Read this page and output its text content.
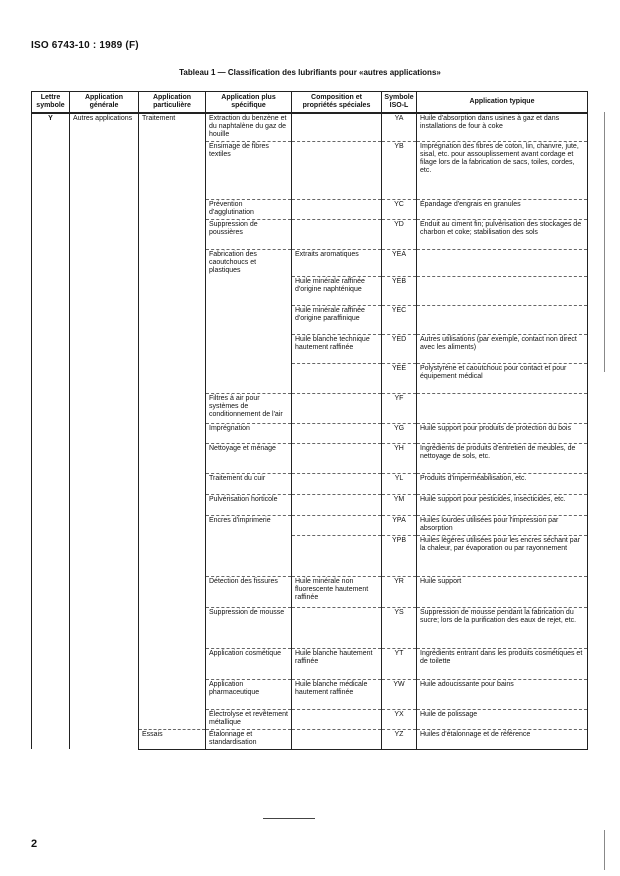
ISO 6743-10 : 1989 (F)
Tableau 1 — Classification des lubrifiants pour «autres applications»
Lettre symbole	Application générale	Application particulière	Application plus spécifique	Composition et propriétés spéciales	Symbole ISO-L	Application typique
Y	Autres applications	Traitement	Extraction du benzène et du naphtalène du gaz de houille		YA	Huile d'absorption dans usines à gaz et dans installations de four à coke
			Ensimage de fibres textiles		YB	Imprégnation des fibres de coton, lin, chanvre, jute, sisal, etc. pour assouplissement avant cordage et filage lors de la fabrication de sacs, toiles, cordes, etc.
			Prévention d'agglutination		YC	Épandage d'engrais en granules
			Suppression de poussières		YD	Enduit au ciment fin; pulvérisation des stockages de charbon et coke; stabilisation des sols
			Fabrication des caoutchoucs et plastiques	Extraits aromatiques	YEA	
				Huile minérale raffinée d'origine naphténique	YEB	
				Huile minérale raffinée d'origine paraffinique	YEC	
				Huile blanche technique hautement raffinée	YED	Autres utilisations (par exemple, contact non direct avec les aliments)
					YEE	Polystyrène et caoutchouc pour contact et pour équipement médical
			Filtres à air pour systèmes de conditionnement de l'air		YF	
			Imprégnation		YG	Huile support pour produits de protection du bois
			Nettoyage et ménage		YH	Ingrédients de produits d'entretien de meubles, de nettoyage de sols, etc.
			Traitement du cuir		YL	Produits d'imperméabilisation, etc.
			Pulvérisation horticole		YM	Huile support pour pesticides, insecticides, etc.
			Encres d'imprimerie		YPA	Huiles lourdes utilisées pour l'impression par absorption
					YPB	Huiles légères utilisées pour les encres séchant par la chaleur, par évaporation ou par rayonnement
			Détection des fissures	Huile minérale non fluorescente hautement raffinée	YR	Huile support
			Suppression de mousse		YS	Suppression de mousse pendant la fabrication du sucre; lors de la purification des eaux de rejet, etc.
			Application cosmétique	Huile blanche hautement raffinée	YT	Ingrédients entrant dans les produits cosmétiques et de toilette
			Application pharmaceutique	Huile blanche médicale hautement raffinée	YW	Huile adoucissante pour bains
			Électrolyse et revêtement métallique		YX	Huile de polissage
		Essais	Étalonnage et standardisation		YZ	Huiles d'étalonnage et de référence
2
